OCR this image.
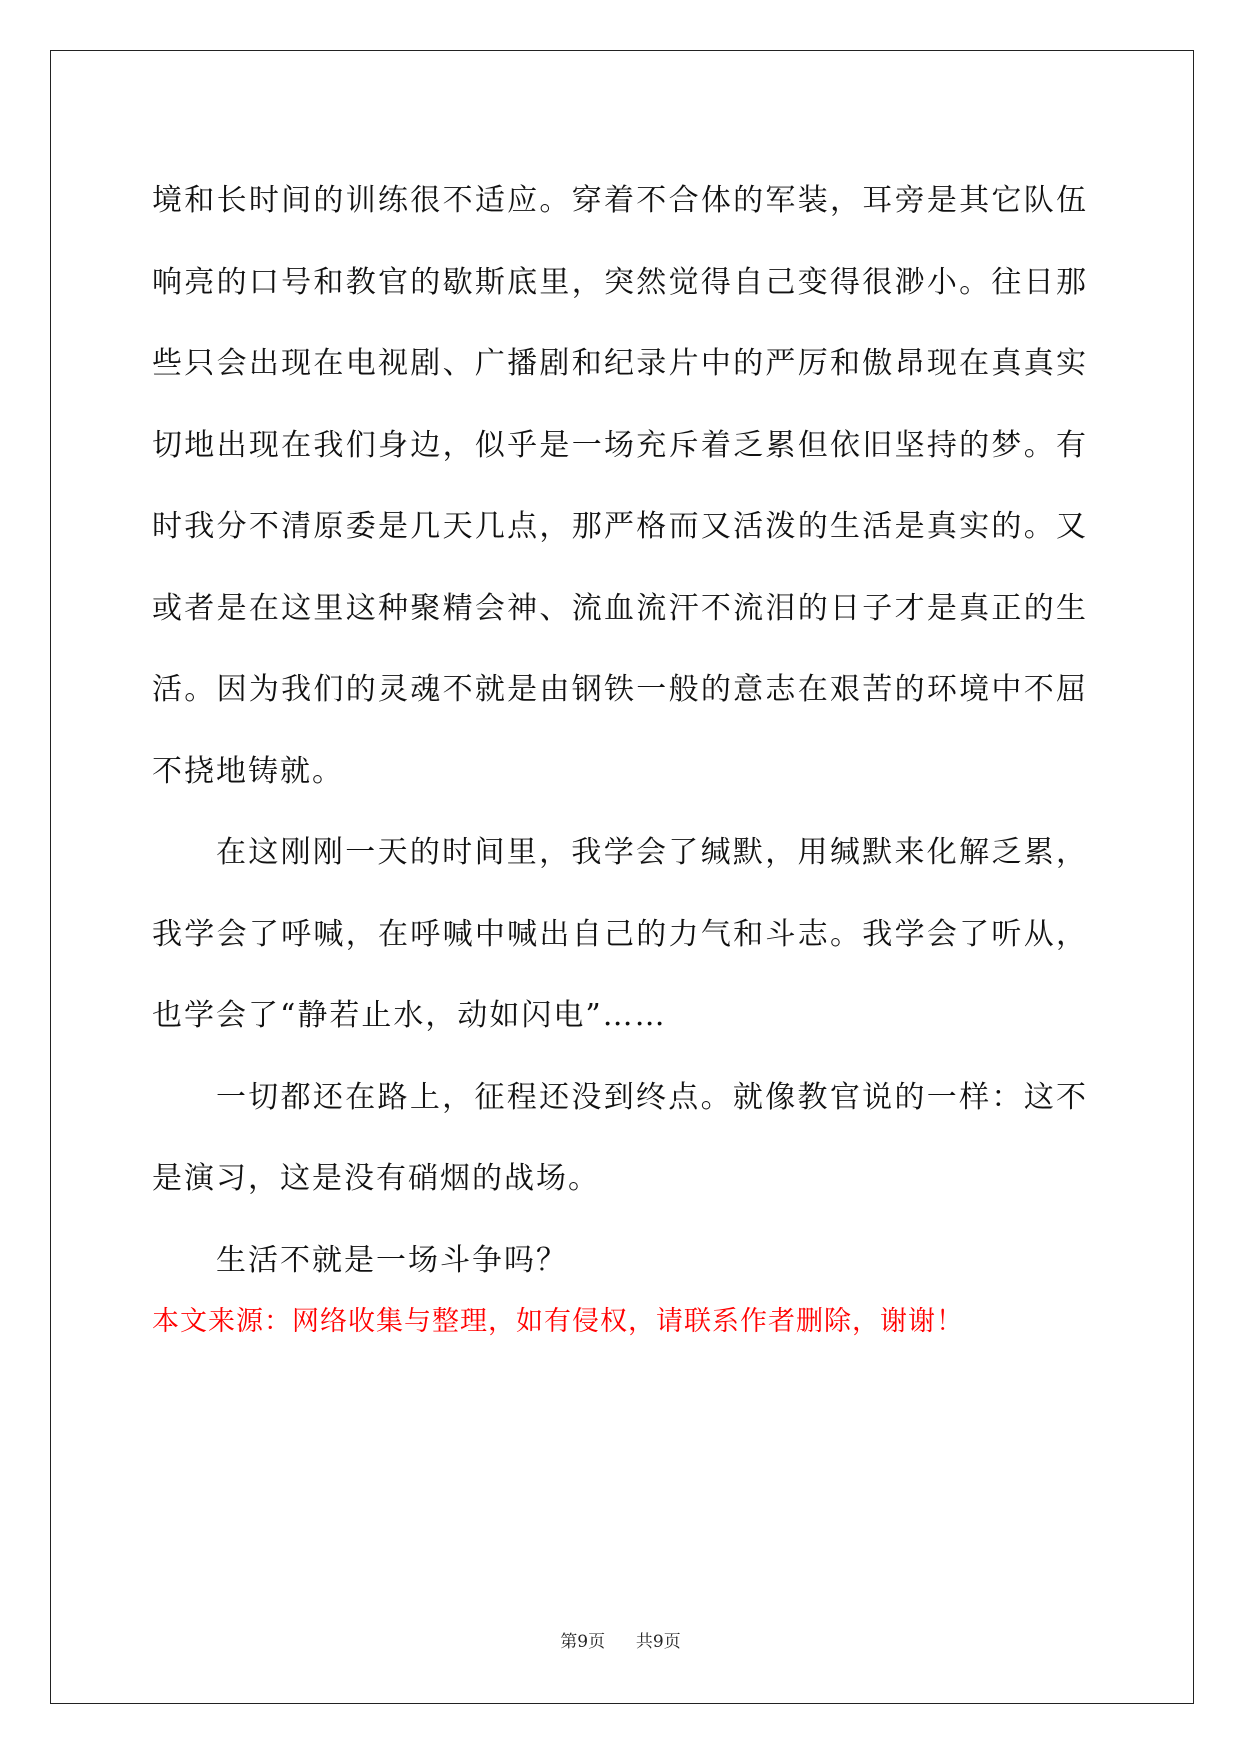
境和长时间的训练很不适应。穿着不合体的军装，耳旁是其它队伍响亮的口号和教官的歇斯底里，突然觉得自己变得很渺小。往日那些只会出现在电视剧、广播剧和纪录片中的严厉和傲昂现在真真实切地出现在我们身边，似乎是一场充斥着乏累但依旧坚持的梦。有时我分不清原委是几天几点，那严格而又活泼的生活是真实的。又或者是在这里这种聚精会神、流血流汗不流泪的日子才是真正的生活。因为我们的灵魂不就是由钢铁一般的意志在艰苦的环境中不屈不挠地铸就。

在这刚刚一天的时间里，我学会了缄默，用缄默来化解乏累，我学会了呼喊，在呼喊中喊出自己的力气和斗志。我学会了听从，也学会了“静若止水，动如闪电”……

一切都还在路上，征程还没到终点。就像教官说的一样：这不是演习，这是没有硝烟的战场。

生活不就是一场斗争吗？

本文来源：网络收集与整理，如有侵权，请联系作者删除，谢谢！

第9页 共9页
